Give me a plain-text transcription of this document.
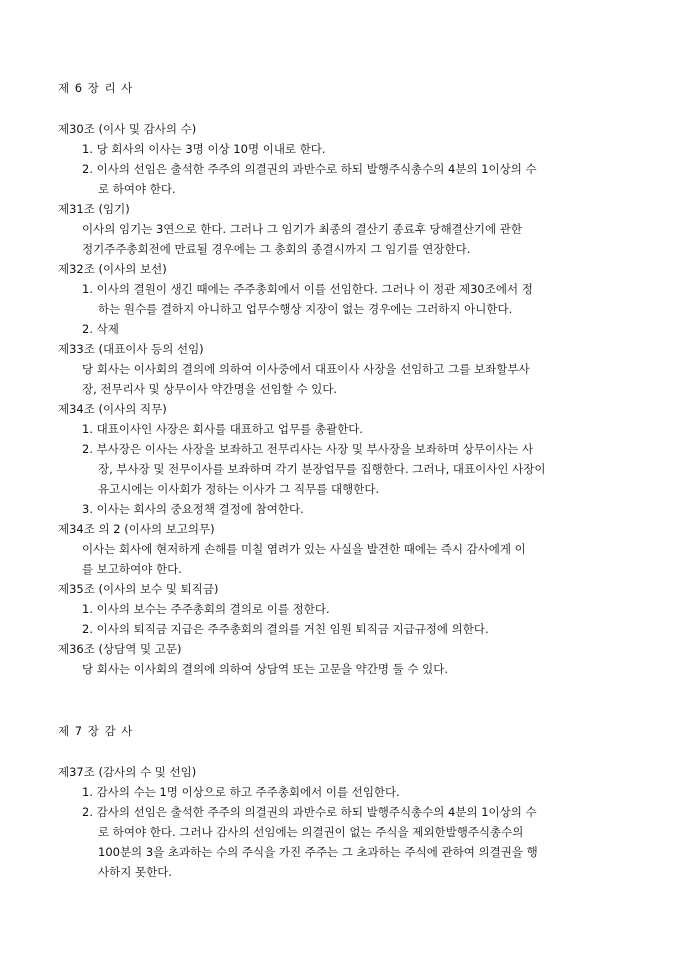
제 6 장 리 사
제30조 (이사 및 감사의 수)
1. 당 회사의 이사는 3명 이상 10명 이내로 한다.
2. 이사의 선임은 출석한 주주의 의결권의 과반수로 하되 발행주식총수의 4분의 1이상의 수
로 하여야 한다.
제31조 (임기)
이사의 임기는 3연으로 한다. 그러나 그 임기가 최종의 결산기 종료후 당해결산기에 관한
정기주주총회전에 만료될 경우에는 그 총회의 종결시까지 그 임기를 연장한다.
제32조 (이사의 보선)
1. 이사의 결원이 생긴 때에는 주주총회에서 이를 선임한다. 그러나 이 정관 제30조에서 정
하는 원수를 결하지 아니하고 업무수행상 지장이 없는 경우에는 그러하지 아니한다.
2. 삭제
제33조 (대표이사 등의 선임)
당 회사는 이사회의 결의에 의하여 이사중에서 대표이사 사장을 선임하고 그를 보좌할부사
장, 전무리사 및 상무이사 약간명을 선임할 수 있다.
제34조 (이사의 직무)
1. 대표이사인 사장은 회사를 대표하고 업무를 총괄한다.
2. 부사장은 이사는 사장을 보좌하고 전무리사는 사장 및 부사장을 보좌하며 상무이사는 사
장, 부사장 및 전무이사를 보좌하며 각기 분장업무를 집행한다. 그러나, 대표이사인 사장이
유고시에는 이사회가 정하는 이사가 그 직무를 대행한다.
3. 이사는 회사의 중요정책 결정에 참여한다.
제34조 의 2 (이사의 보고의무)
이사는 회사에 현저하게 손해를 미칠 염려가 있는 사실을 발견한 때에는 즉시 감사에게 이
를 보고하여야 한다.
제35조 (이사의 보수 및 퇴직금)
1. 이사의 보수는 주주총회의 결의로 이를 정한다.
2. 이사의 퇴직금 지급은 주주총회의 결의를 거친 임원 퇴직금 지급규정에 의한다.
제36조 (상담역 및 고문)
당 회사는 이사회의 결의에 의하여 상담역 또는 고문을 약간명 둘 수 있다.
제 7 장 감 사
제37조 (감사의 수 및 선임)
1. 감사의 수는 1명 이상으로 하고 주주총회에서 이를 선임한다.
2. 감사의 선임은 출석한 주주의 의결권의 과반수로 하되 발행주식총수의 4분의 1이상의 수
로 하여야 한다. 그러나 감사의 선임에는 의결권이 없는 주식을 제외한발행주식총수의
100분의 3을 초과하는 수의 주식을 가진 주주는 그 초과하는 주식에 관하여 의결권을 행
사하지 못한다.
